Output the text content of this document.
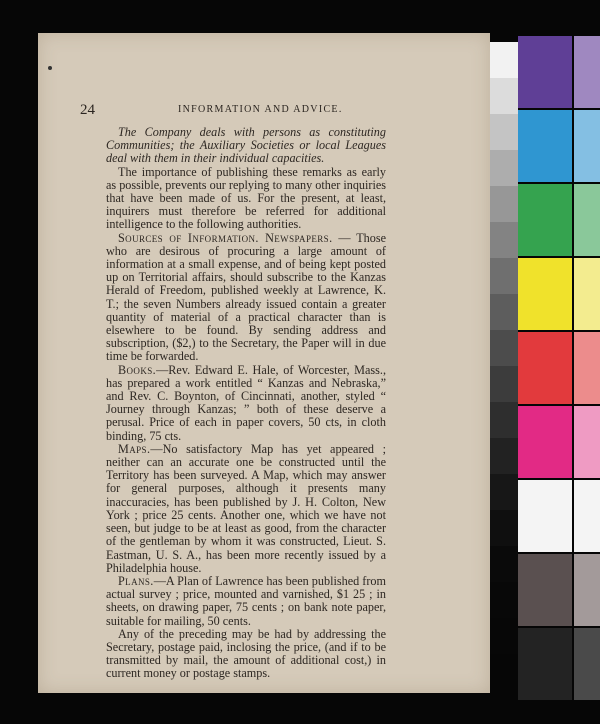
24	INFORMATION AND ADVICE.

The Company deals with persons as constituting Communities; the Auxiliary Societies or local Leagues deal with them in their individual capacities.

The importance of publishing these remarks as early as possible, prevents our replying to many other inquiries that have been made of us. For the present, at least, inquirers must therefore be referred for additional intelligence to the following authorities.

Sources of Information. Newspapers. — Those who are desirous of procuring a large amount of information at a small expense, and of being kept posted up on Territorial affairs, should subscribe to the Kanzas Herald of Freedom, published weekly at Lawrence, K. T.; the seven Numbers already issued contain a greater quantity of material of a practical character than is elsewhere to be found. By sending address and subscription, ($2,) to the Secretary, the Paper will in due time be forwarded.

Books.—Rev. Edward E. Hale, of Worcester, Mass., has prepared a work entitled “ Kanzas and Nebraska,” and Rev. C. Boynton, of Cincinnati, another, styled “ Journey through Kanzas; ” both of these deserve a perusal. Price of each in paper covers, 50 cts, in cloth binding, 75 cts.

Maps.—No satisfactory Map has yet appeared ; neither can an accurate one be constructed until the Territory has been surveyed. A Map, which may answer for general purposes, although it presents many inaccuracies, has been published by J. H. Colton, New York ; price 25 cents. Another one, which we have not seen, but judge to be at least as good, from the character of the gentleman by whom it was constructed, Lieut. S. Eastman, U. S. A., has been more recently issued by a Philadelphia house.

Plans.—A Plan of Lawrence has been published from actual survey ; price, mounted and varnished, $1 25 ; in sheets, on drawing paper, 75 cents ; on bank note paper, suitable for mailing, 50 cents.

Any of the preceding may be had by addressing the Secretary, postage paid, inclosing the price, (and if to be transmitted by mail, the amount of additional cost,) in current money or postage stamps.
